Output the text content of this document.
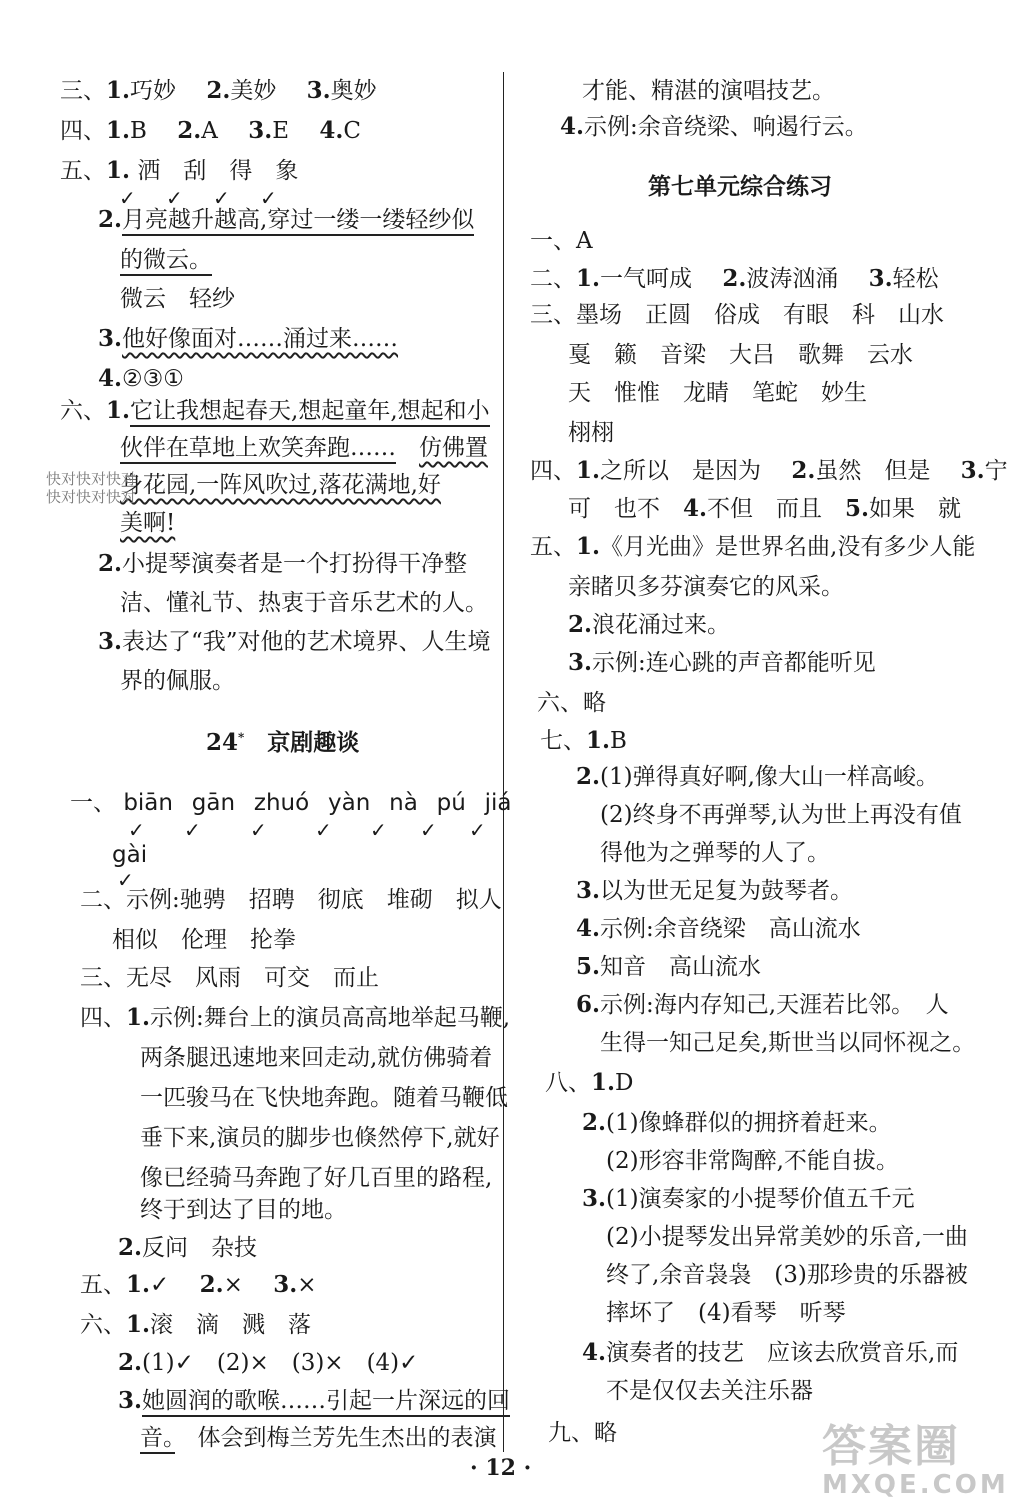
三、1.巧妙　 2.美妙　 3.奥妙
四、1.B　 2.A　 3.E　 4.C
五、1. 洒　 刮　 得　 象
✓ ✓ ✓ ✓
2.月亮越升越高,穿过一缕一缕轻纱似
的微云。
微云　轻纱
3.他好像面对……涌过来……
4.②③①
六、1.它让我想起春天,想起童年,想起和小
伙伴在草地上欢笑奔跑……　 仿佛置
身花园,一阵风吹过,落花满地,好
美啊!
快对快对快对
快对快对快对
2.小提琴演奏者是一个打扮得干净整
洁、懂礼节、热衷于音乐艺术的人。
3.表达了“我”对他的艺术境界、人生境
界的佩服。
24*　 京剧趣谈
一、 biān  gān  zhuó  yàn  nà  pú  jiá
✓ ✓ ✓ ✓ ✓ ✓ ✓
gài
✓
二、示例:驰骋　招聘　彻底　堆砌　拟人
相似　伦理　抡拳
三、无尽　风雨　可交　而止
四、1.示例:舞台上的演员高高地举起马鞭,
两条腿迅速地来回走动,就仿佛骑着
一匹骏马在飞快地奔跑。随着马鞭低
垂下来,演员的脚步也倏然停下,就好
像已经骑马奔跑了好几百里的路程,
终于到达了目的地。
2.反问　杂技
五、1.✓　 2.×　 3.×
六、1.滚　滴　溅　落
2.(1)✓　(2)×　(3)×　(4)✓
3.她圆润的歌喉……引起一片深远的回
音。　 体会到梅兰芳先生杰出的表演
才能、精湛的演唱技艺。
4.示例:余音绕梁、响遏行云。
第七单元综合练习
一、A
二、1.一气呵成　 2.波涛汹涌　 3.轻松
三、墨场　正圆　俗成　有眼　科　山水
戛　籁　音梁　大吕　歌舞　云水
天　惟惟　龙睛　笔蛇　妙生
栩栩
四、1.之所以　是因为　 2.虽然　但是　 3.宁
可　也不　 4.不但　而且　 5.如果　就
五、1.《月光曲》是世界名曲,没有多少人能
亲睹贝多芬演奏它的风采。
2.浪花涌过来。
3.示例:连心跳的声音都能听见
六、略
七、1.B
2.(1)弹得真好啊,像大山一样高峻。
(2)终身不再弹琴,认为世上再没有值
得他为之弹琴的人了。
3.以为世无足复为鼓琴者。
4.示例:余音绕梁　高山流水
5.知音　高山流水
6.示例:海内存知己,天涯若比邻。　人
生得一知己足矣,斯世当以同怀视之。
八、1.D
2.(1)像蜂群似的拥挤着赶来。
(2)形容非常陶醉,不能自拔。
3.(1)演奏家的小提琴价值五千元
(2)小提琴发出异常美妙的乐音,一曲
终了,余音袅袅　(3)那珍贵的乐器被
摔坏了　(4)看琴　听琴
4.演奏者的技艺　应该去欣赏音乐,而
不是仅仅去关注乐器
九、略
· 12 ·	答案圈
MXQE.COM
